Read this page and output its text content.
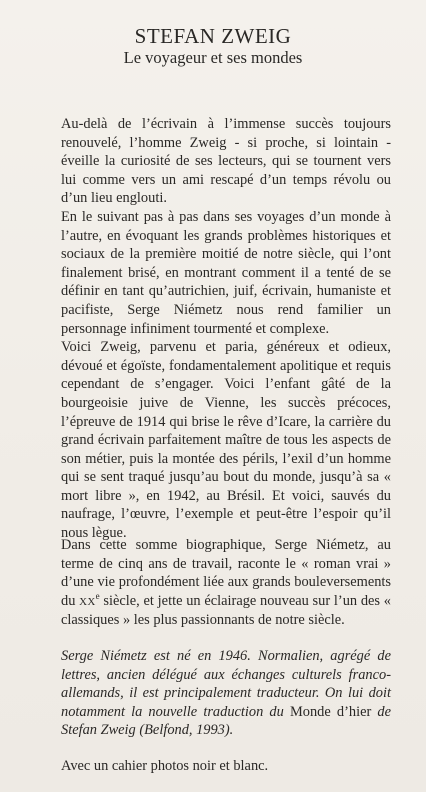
STEFAN ZWEIG
Le voyageur et ses mondes

Au-delà de l’écrivain à l’immense succès toujours renouvelé, l’homme Zweig - si proche, si lointain - éveille la curiosité de ses lecteurs, qui se tournent vers lui comme vers un ami rescapé d’un temps révolu ou d’un lieu englouti.

En le suivant pas à pas dans ses voyages d’un monde à l’autre, en évoquant les grands problèmes historiques et sociaux de la première moitié de notre siècle, qui l’ont finalement brisé, en montrant comment il a tenté de se définir en tant qu’autrichien, juif, écrivain, humaniste et pacifiste, Serge Niémetz nous rend familier un personnage infiniment tourmenté et complexe.

Voici Zweig, parvenu et paria, généreux et odieux, dévoué et égoïste, fondamentalement apolitique et requis cependant de s’engager. Voici l’enfant gâté de la bourgeoisie juive de Vienne, les succès précoces, l’épreuve de 1914 qui brise le rêve d’Icare, la carrière du grand écrivain parfaitement maître de tous les aspects de son métier, puis la montée des périls, l’exil d’un homme qui se sent traqué jusqu’au bout du monde, jusqu’à sa « mort libre », en 1942, au Brésil. Et voici, sauvés du naufrage, l’œuvre, l’exemple et peut-être l’espoir qu’il nous lègue.

Dans cette somme biographique, Serge Niémetz, au terme de cinq ans de travail, raconte le « roman vrai » d’une vie profondément liée aux grands bouleversements du XXe siècle, et jette un éclairage nouveau sur l’un des « classiques » les plus passionnants de notre siècle.

Serge Niémetz est né en 1946. Normalien, agrégé de lettres, ancien délégué aux échanges culturels franco-allemands, il est principalement traducteur. On lui doit notamment la nouvelle traduction du Monde d’hier de Stefan Zweig (Belfond, 1993).
Avec un cahier photos noir et blanc.
